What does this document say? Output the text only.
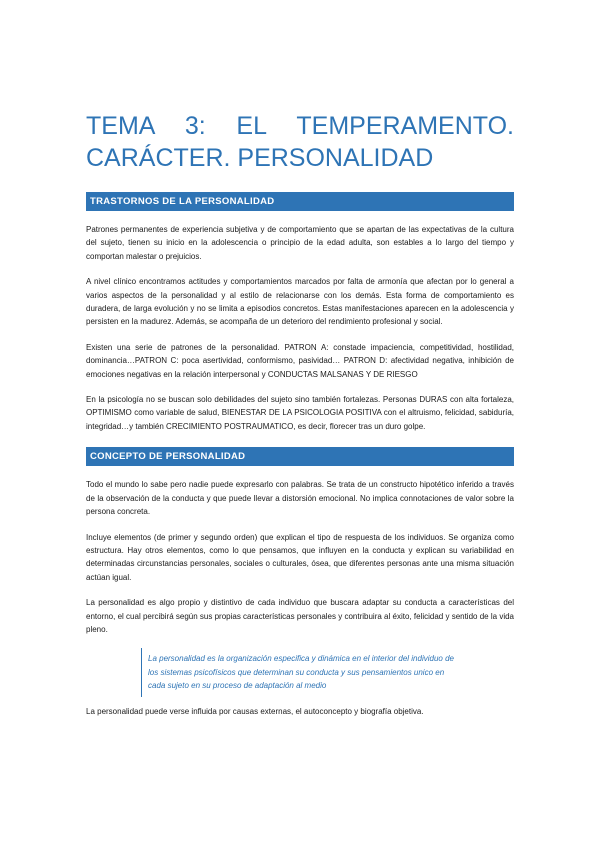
TEMA 3: EL TEMPERAMENTO.
CARÁCTER. PERSONALIDAD
TRASTORNOS DE LA PERSONALIDAD

Patrones permanentes de experiencia subjetiva y de comportamiento que se apartan de las expectativas de la cultura del sujeto, tienen su inicio en la adolescencia o principio de la edad adulta, son estables a lo largo del tiempo y comportan malestar o prejuicios.

A nivel clínico encontramos actitudes y comportamientos marcados por falta de armonía que afectan por lo general a varios aspectos de la personalidad y al estilo de relacionarse con los demás. Esta forma de comportamiento es duradera, de larga evolución y no se limita a episodios concretos. Estas manifestaciones aparecen en la adolescencia y persisten en la madurez. Además, se acompaña de un deterioro del rendimiento profesional y social.

Existen una serie de patrones de la personalidad. PATRON A: constade impaciencia, competitividad, hostilidad, dominancia…PATRON C: poca asertividad, conformismo, pasividad… PATRON D: afectividad negativa, inhibición de emociones negativas en la relación interpersonal y CONDUCTAS MALSANAS Y DE RIESGO

En la psicología no se buscan solo debilidades del sujeto sino también fortalezas. Personas DURAS con alta fortaleza, OPTIMISMO como variable de salud, BIENESTAR DE LA PSICOLOGIA POSITIVA con el altruismo, felicidad, sabiduría, integridad…y también CRECIMIENTO POSTRAUMATICO, es decir, florecer tras un duro golpe.

CONCEPTO DE PERSONALIDAD

Todo el mundo lo sabe pero nadie puede expresarlo con palabras. Se trata de un constructo hipotético inferido a través de la observación de la conducta y que puede llevar a distorsión emocional. No implica connotaciones de valor sobre la persona concreta.

Incluye elementos (de primer y segundo orden) que explican el tipo de respuesta de los individuos. Se organiza como estructura. Hay otros elementos, como lo que pensamos, que influyen en la conducta y explican su variabilidad en determinadas circunstancias personales, sociales o culturales, ósea, que diferentes personas ante una misma situación actúan igual.

La personalidad es algo propio y distintivo de cada individuo que buscara adaptar su conducta a características del entorno, el cual percibirá según sus propias características personales y contribuira al éxito, felicidad y sentido de la vida pleno.

La personalidad es la organización especifica y dinámica en el interior del individuo de los sistemas psicofísicos que determinan su conducta y sus pensamientos unico en cada sujeto en su proceso de adaptación al medio

La personalidad puede verse influida por causas externas, el autoconcepto y biografía objetiva.
